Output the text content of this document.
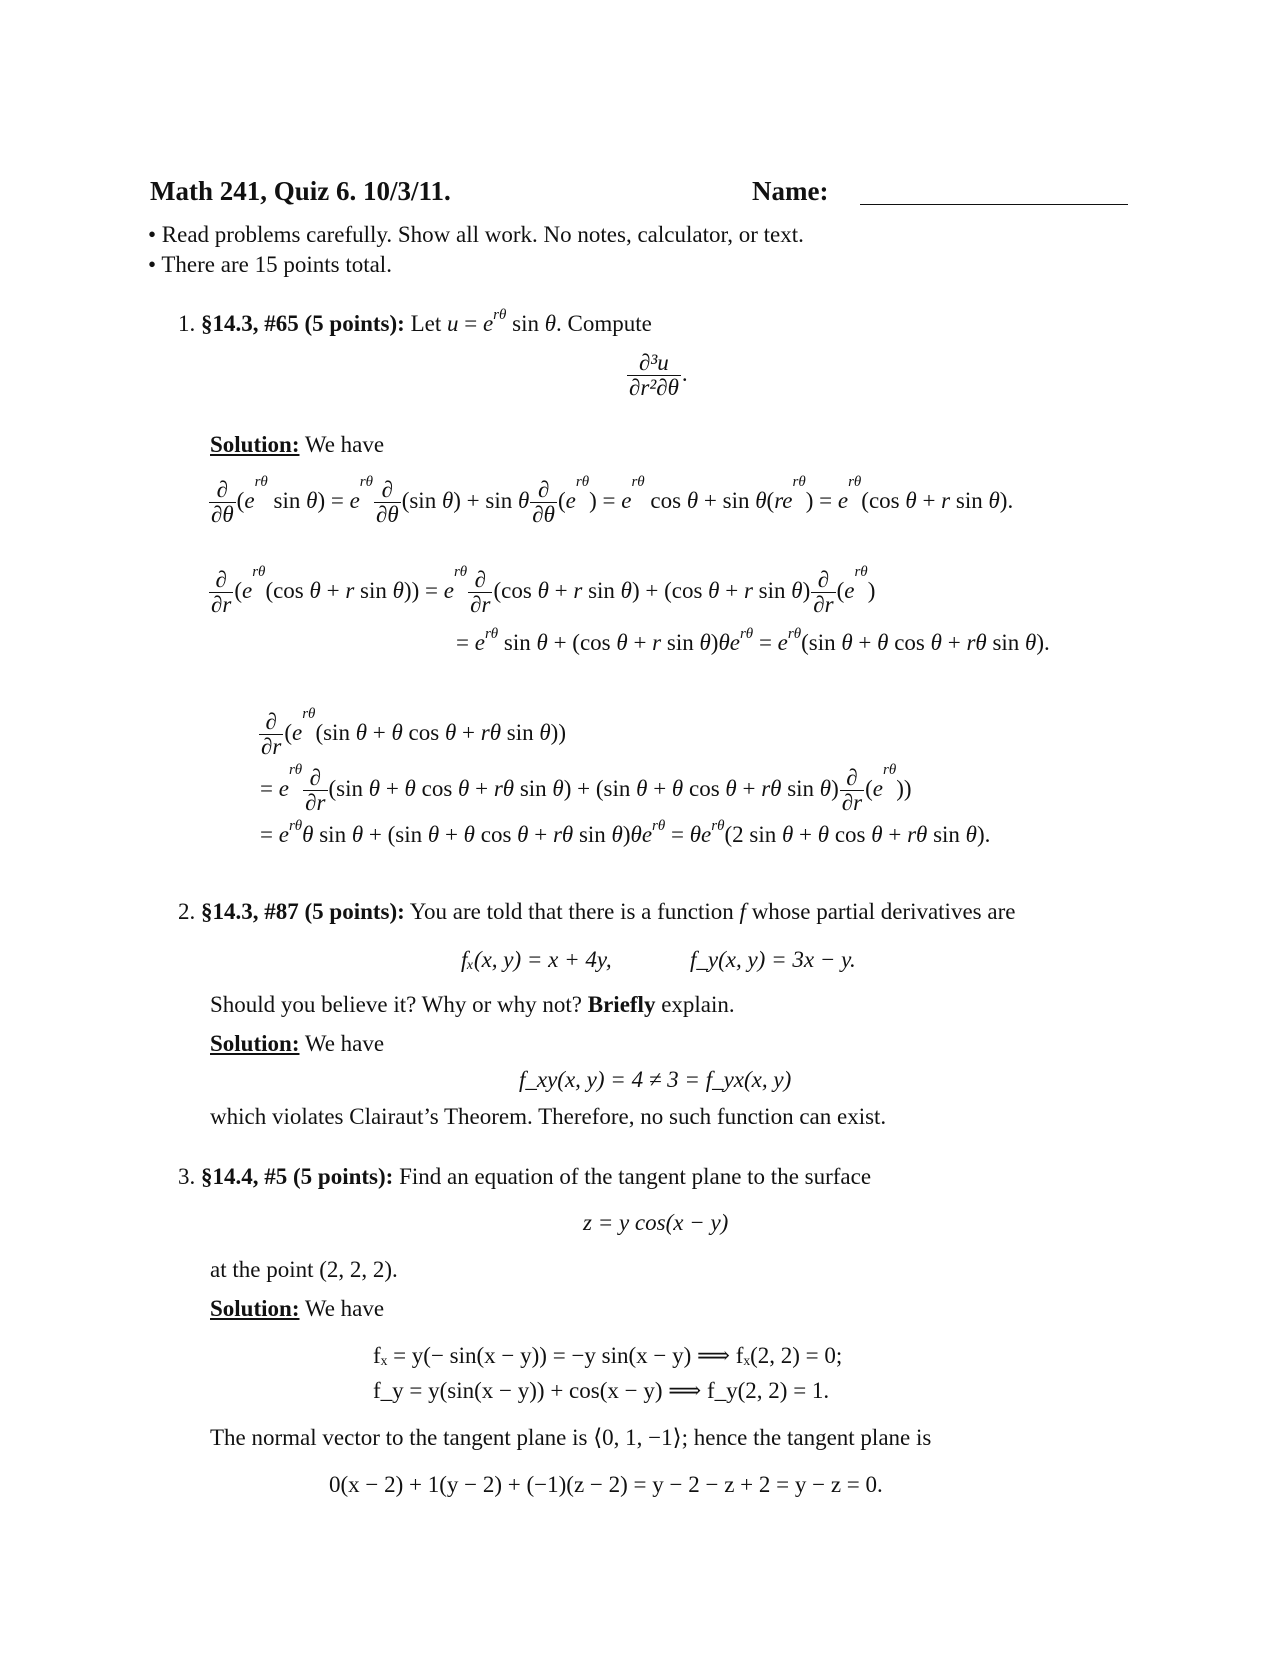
Math 241, Quiz 6. 10/3/11.	Name:
• Read problems carefully. Show all work. No notes, calculator, or text.
• There are 15 points total.
1. §14.3, #65 (5 points): Let $u = e^{r\theta}$ sin θ. Compute
$\frac{\text{∂³u}}{\text{∂r²∂θ}}$ .
Solution: We have
$\frac{\partial}{\partial\theta} (e^{r\theta}$ $\sin \theta) = e^{r\theta} \frac{\partial}{\partial\theta} (\sin$ θ) + sin θ $\frac{\partial}{\partial\theta} (e^{r\theta}) = e^{r\theta}$ $\cos \theta + \sin \theta(re^{r\theta}) = e^{r\theta}(\cos$ θ + r sin θ).
$\frac{\partial}{\partial r} (e^{r\theta}(\cos$ θ + r $\sin \theta)) = e^{r\theta} \frac{\partial}{\partial r} (\cos$ θ + r sin θ) + (cos θ + r $\sin \theta) \frac{\partial}{\partial r} (e^{r\theta})$
= $e^{r\theta}$ sin θ + (cos θ + r $\sin \theta)\theta e^{r\theta} = e^{r\theta}(\sin$ θ + θ cos θ + rθ sin θ).
$\frac{\partial}{\partial r} (e^{r\theta}(\sin$ θ + θ cos θ + rθ sin θ))
= $e^{r\theta} \frac{\partial}{\partial r} (\sin$ θ + θ cos θ + rθ sin θ) + (sin θ + θ cos θ + rθ $\sin \theta) \frac{\partial}{\partial r} (e^{r\theta})$)
= $e^{r\theta}\theta$ sin θ + (sin θ + θ cos θ + rθ $\sin \theta)\theta e^{r\theta} = \theta e^{r\theta}(2$ sin θ + θ cos θ + rθ sin θ).
2. §14.3, #87 (5 points): You are told that there is a function f whose partial derivatives are
fₓ(x, y) = x + 4y,	f_y(x, y) = 3x − y.
Should you believe it? Why or why not? Briefly explain.
Solution: We have
f_xy(x, y) = 4 ≠ 3 = f_yx(x, y)
which violates Clairaut’s Theorem. Therefore, no such function can exist.
3. §14.4, #5 (5 points): Find an equation of the tangent plane to the surface
z = y cos(x − y)
at the point (2, 2, 2).
Solution: We have
fₓ = y(− sin(x − y)) = −y sin(x − y) ⟹ fₓ(2, 2) = 0;
f_y = y(sin(x − y)) + cos(x − y) ⟹ f_y(2, 2) = 1.
The normal vector to the tangent plane is ⟨0, 1, −1⟩; hence the tangent plane is
0(x − 2) + 1(y − 2) + (−1)(z − 2) = y − 2 − z + 2 = y − z = 0.
